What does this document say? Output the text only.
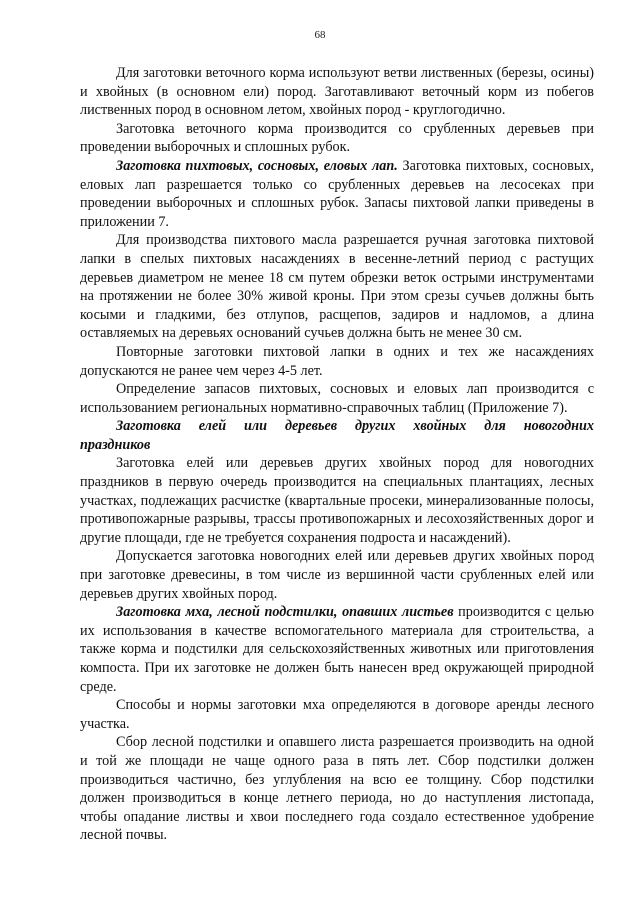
68

Для заготовки веточного корма используют ветви лиственных (березы, осины) и хвойных (в основном ели) пород. Заготавливают веточный корм из побегов лиственных пород в основном летом, хвойных пород - круглогодично.

Заготовка веточного корма производится со срубленных деревьев при проведении выборочных и сплошных рубок.

Заготовка пихтовых, сосновых, еловых лап. Заготовка пихтовых, сосновых, еловых лап разрешается только со срубленных деревьев на лесосеках при проведении выборочных и сплошных рубок. Запасы пихтовой лапки приведены в приложении 7.

Для производства пихтового масла разрешается ручная заготовка пихтовой лапки в спелых пихтовых насаждениях в весенне-летний период с растущих деревьев диаметром не менее 18 см путем обрезки веток острыми инструментами на протяжении не более 30% живой кроны. При этом срезы сучьев должны быть косыми и гладкими, без отлупов, расщепов, задиров и надломов, а длина оставляемых на деревьях оснований сучьев должна быть не менее 30 см.

Повторные заготовки пихтовой лапки в одних и тех же насаждениях допускаются не ранее чем через 4-5 лет.

Определение запасов пихтовых, сосновых и еловых лап производится с использованием региональных нормативно-справочных таблиц (Приложение 7).

Заготовка елей или деревьев других хвойных для новогодних
праздников

Заготовка елей или деревьев других хвойных пород для новогодних праздников в первую очередь производится на специальных плантациях, лесных участках, подлежащих расчистке (квартальные просеки, минерализованные полосы, противопожарные разрывы, трассы противопожарных и лесохозяйственных дорог и другие площади, где не требуется сохранения подроста и насаждений).

Допускается заготовка новогодних елей или деревьев других хвойных пород при заготовке древесины, в том числе из вершинной части срубленных елей или деревьев других хвойных пород.

Заготовка мха, лесной подстилки, опавших листьев производится с целью их использования в качестве вспомогательного материала для строительства, а также корма и подстилки для сельскохозяйственных животных или приготовления компоста. При их заготовке не должен быть нанесен вред окружающей природной среде.

Способы и нормы заготовки мха определяются в договоре аренды лесного участка.

Сбор лесной подстилки и опавшего листа разрешается производить на одной и той же площади не чаще одного раза в пять лет. Сбор подстилки должен производиться частично, без углубления на всю ее толщину. Сбор подстилки должен производиться в конце летнего периода, но до наступления листопада, чтобы опадание листвы и хвои последнего года создало естественное удобрение лесной почвы.
